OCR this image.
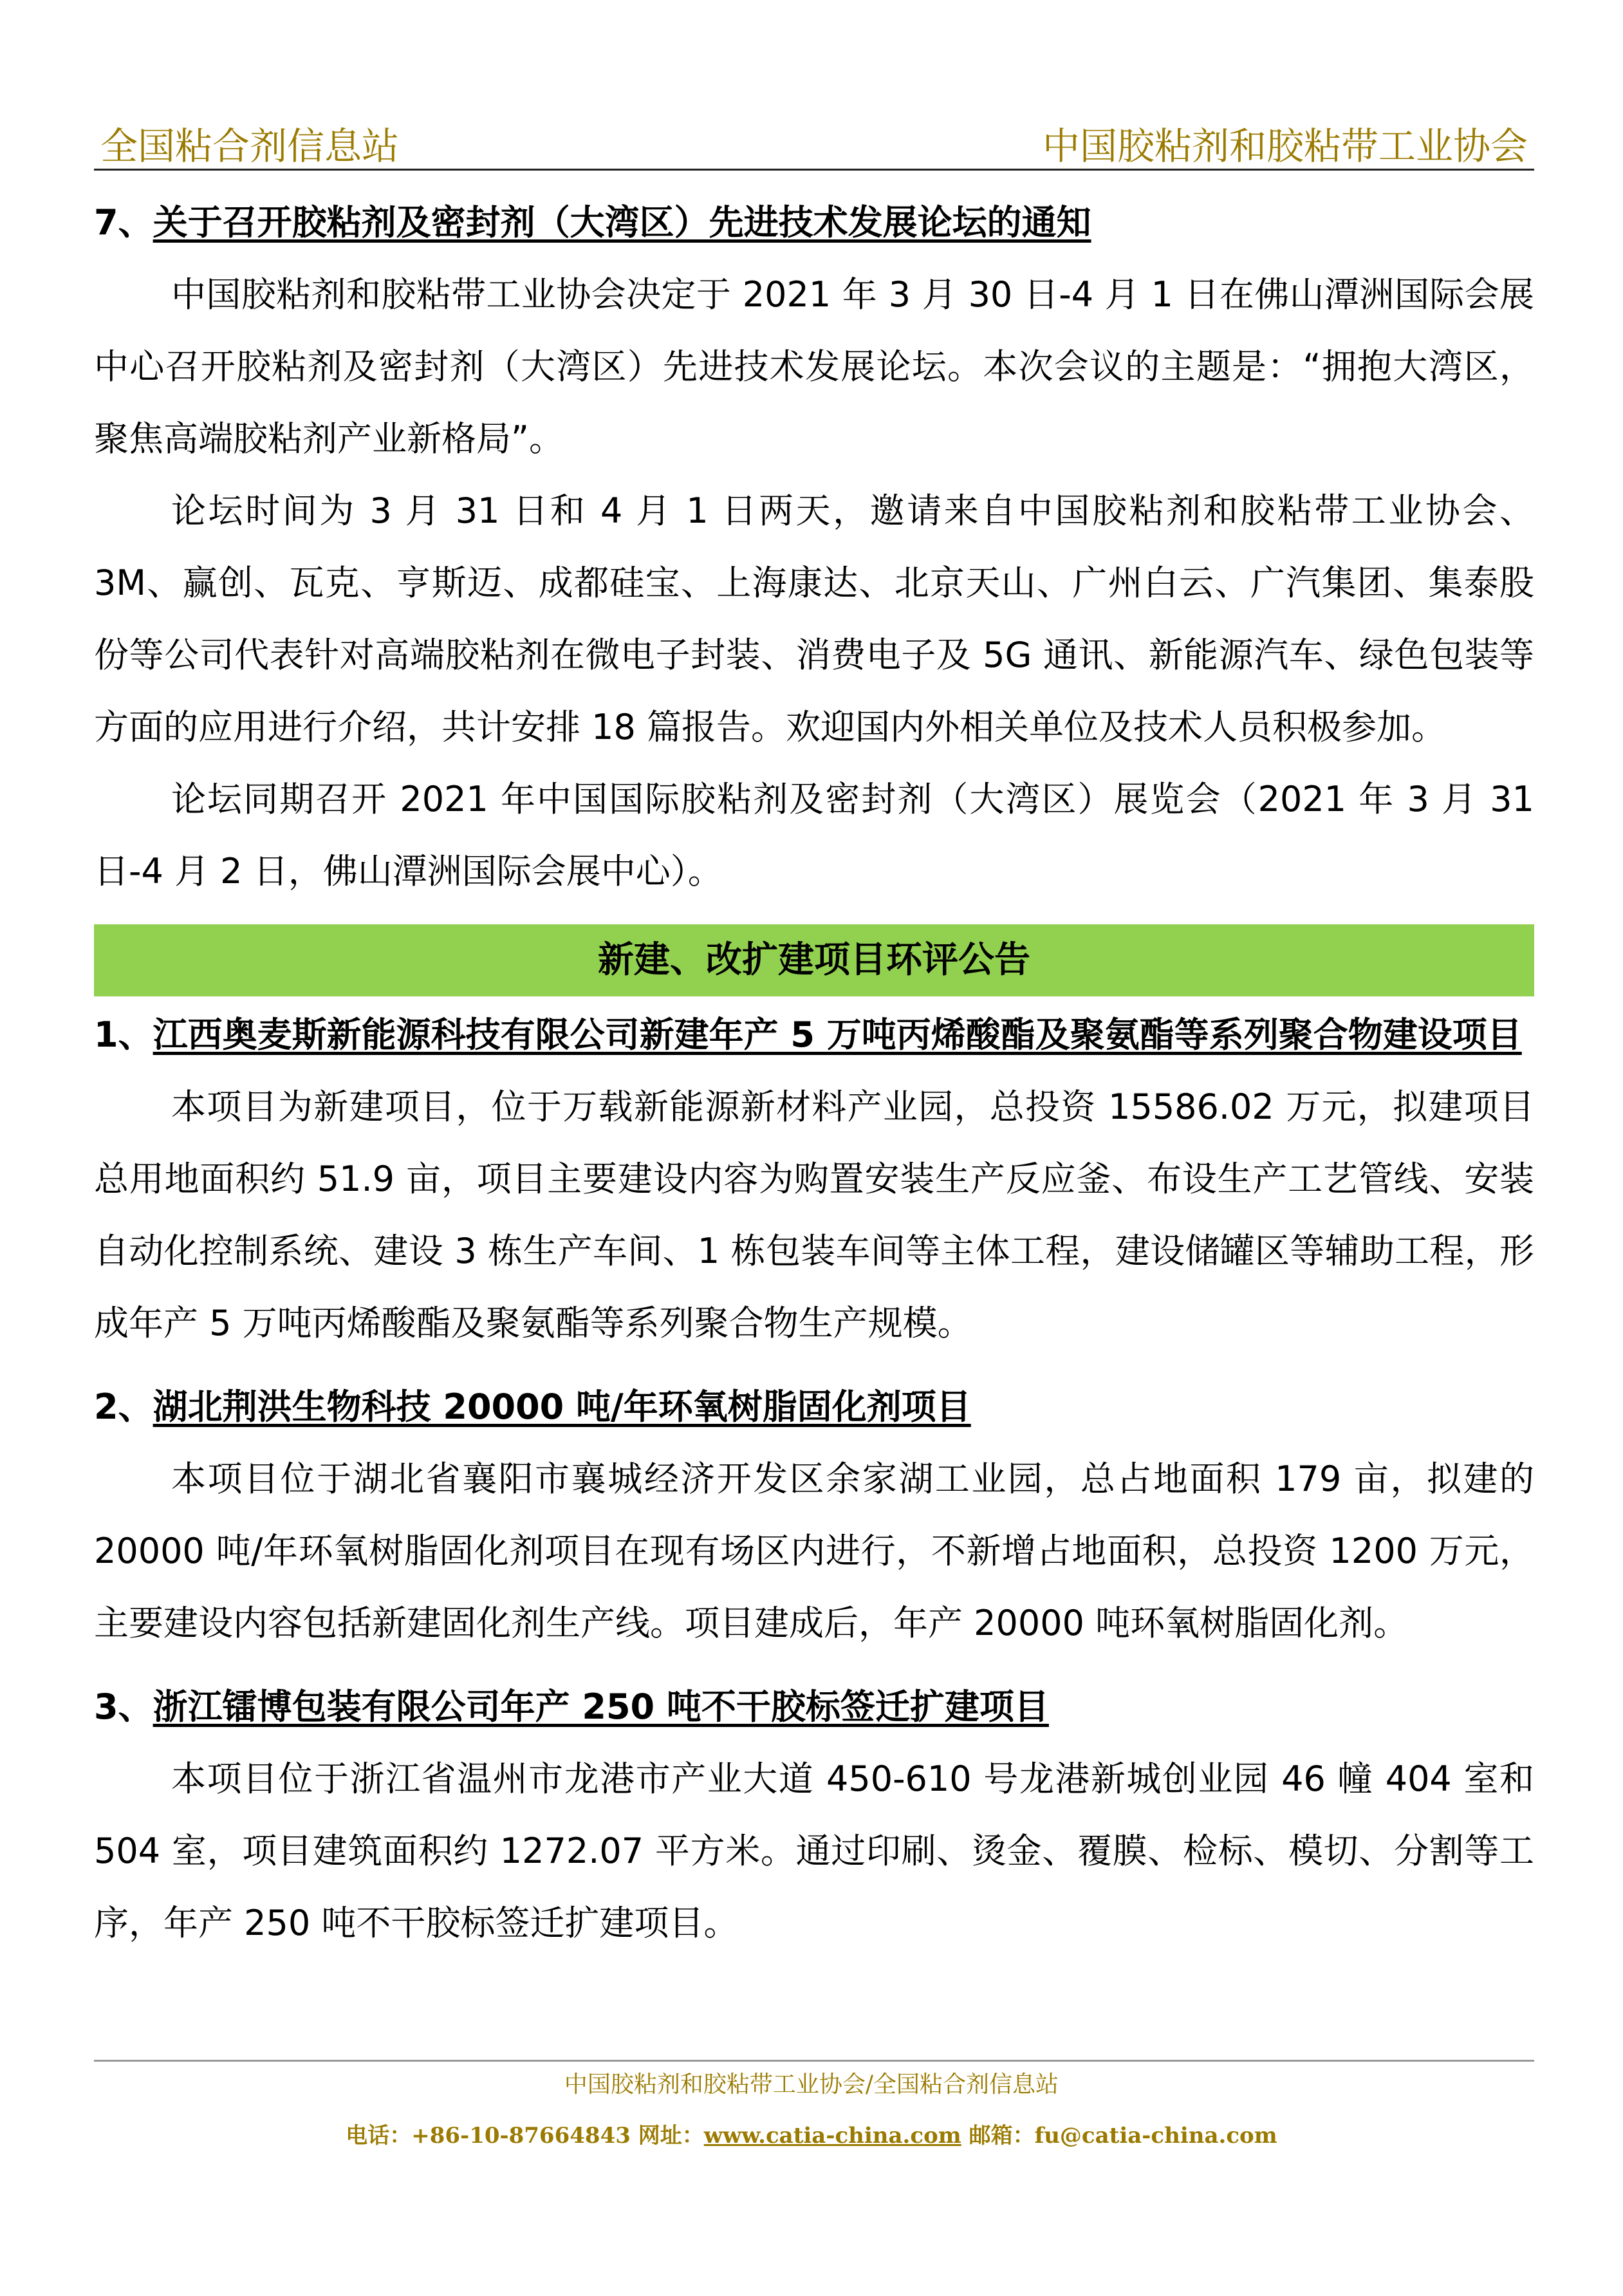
全国粘合剂信息站	中国胶粘剂和胶粘带工业协会

7、关于召开胶粘剂及密封剂（大湾区）先进技术发展论坛的通知

中国胶粘剂和胶粘带工业协会决定于 2021 年 3 月 30 日-4 月 1 日在佛山潭洲国际会展中心召开胶粘剂及密封剂（大湾区）先进技术发展论坛。本次会议的主题是：“拥抱大湾区，聚焦高端胶粘剂产业新格局”。

论坛时间为 3 月 31 日和 4 月 1 日两天，邀请来自中国胶粘剂和胶粘带工业协会、3M、赢创、瓦克、亨斯迈、成都硅宝、上海康达、北京天山、广州白云、广汽集团、集泰股份等公司代表针对高端胶粘剂在微电子封装、消费电子及 5G 通讯、新能源汽车、绿色包装等方面的应用进行介绍，共计安排 18 篇报告。欢迎国内外相关单位及技术人员积极参加。

论坛同期召开 2021 年中国国际胶粘剂及密封剂（大湾区）展览会（2021 年 3 月 31 日-4 月 2 日，佛山潭洲国际会展中心）。

新建、改扩建项目环评公告

1、江西奥麦斯新能源科技有限公司新建年产 5 万吨丙烯酸酯及聚氨酯等系列聚合物建设项目

本项目为新建项目，位于万载新能源新材料产业园，总投资 15586.02 万元，拟建项目总用地面积约 51.9 亩，项目主要建设内容为购置安装生产反应釜、布设生产工艺管线、安装自动化控制系统、建设 3 栋生产车间、1 栋包装车间等主体工程，建设储罐区等辅助工程，形成年产 5 万吨丙烯酸酯及聚氨酯等系列聚合物生产规模。

2、湖北荆洪生物科技 20000 吨/年环氧树脂固化剂项目

本项目位于湖北省襄阳市襄城经济开发区余家湖工业园，总占地面积 179 亩，拟建的 20000 吨/年环氧树脂固化剂项目在现有场区内进行，不新增占地面积，总投资 1200 万元，主要建设内容包括新建固化剂生产线。项目建成后，年产 20000 吨环氧树脂固化剂。

3、浙江镭博包装有限公司年产 250 吨不干胶标签迁扩建项目

本项目位于浙江省温州市龙港市产业大道 450-610 号龙港新城创业园 46 幢 404 室和 504 室，项目建筑面积约 1272.07 平方米。通过印刷、烫金、覆膜、检标、模切、分割等工序，年产 250 吨不干胶标签迁扩建项目。

中国胶粘剂和胶粘带工业协会/全国粘合剂信息站
电话：+86-10-87664843 网址：www.catia-china.com 邮箱：fu@catia-china.com
